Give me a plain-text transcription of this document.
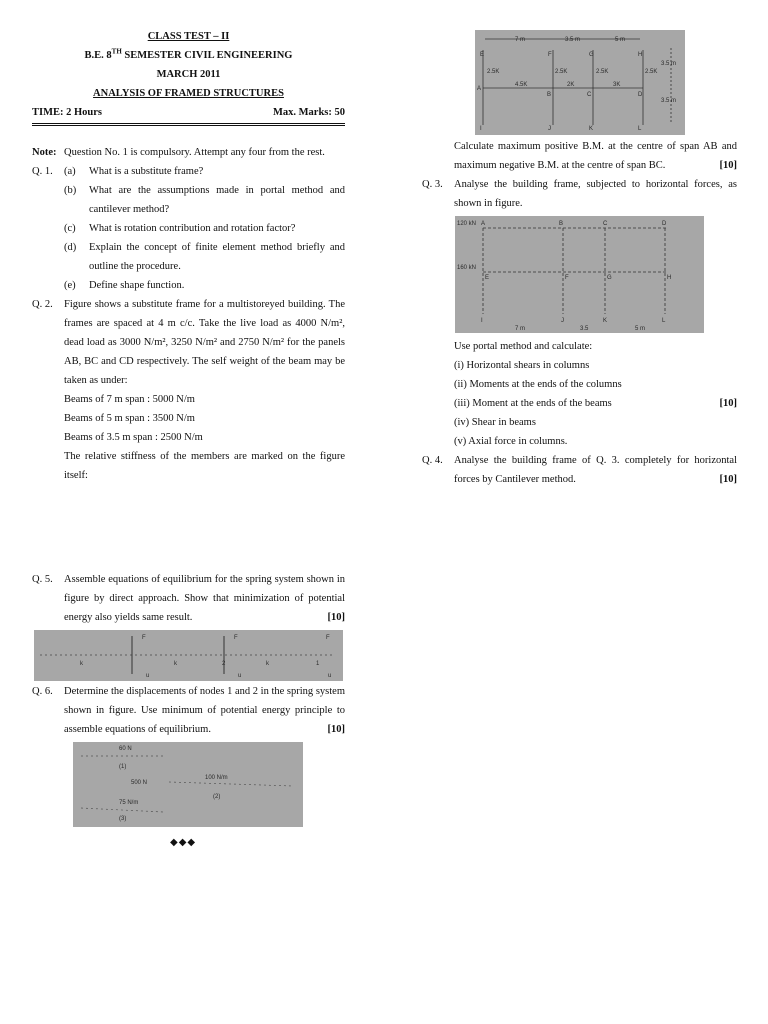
CLASS TEST – II
B.E. 8TH SEMESTER CIVIL ENGINEERING
MARCH 2011
ANALYSIS OF FRAMED STRUCTURES
TIME: 2 Hours	Max. Marks: 50
Note: Question No. 1 is compulsory. Attempt any four from the rest.
Q. 1.	(a)	What is a substitute frame?
(b)	What are the assumptions made in portal method and cantilever method?
(c)	What is rotation contribution and rotation factor?
(d)	Explain the concept of finite element method briefly and outline the procedure.
(e)	Define shape function.
Q. 2.	Figure shows a substitute frame for a multistoreyed building. The frames are spaced at 4 m c/c. Take the live load as 4000 N/m², dead load as 3000 N/m², 3250 N/m² and 2750 N/m² for the panels AB, BC and CD respectively. The self weight of the beam may be taken as under:
Beams of 7 m span : 5000 N/m
Beams of 5 m span : 3500 N/m
Beams of 3.5 m span : 2500 N/m
The relative stiffness of the members are marked on the figure itself:
Q. 5.	Assemble equations of equilibrium for the spring system shown in figure by direct approach. Show that minimization of potential energy also yields same result.	[10]
Q. 6.	Determine the displacements of nodes 1 and 2 in the spring system shown in figure. Use minimum of potential energy principle to assemble equations of equilibrium.	[10]
◆◆◆
7 m	3.5 m	5 m
E	F	G	H
A
B	C	D
I	J	K	L
2.5K	2.5K	2.5K	2.5K
4.5K	2K	3K
3.5 m
3.5 m
120 kN
160 kN
A	B	C	D
E	F	G	H
I	J	K	L
7 m	3.5	5 m
F	F	F
k	k	2	k	1
u	u	u
60 N
(1)
100 N/m
500 N
75 N/m
(3)
(2)
Calculate maximum positive B.M. at the centre of span AB and maximum negative B.M. at the centre of span BC.	[10]
Q. 3.	Analyse the building frame, subjected to horizontal forces, as shown in figure.
Use portal method and calculate:
(i) Horizontal shears in columns
(ii) Moments at the ends of the columns
(iii) Moment at the ends of the beams	[10]
(iv) Shear in beams
(v) Axial force in columns.
Q. 4.	Analyse the building frame of Q. 3. completely for horizontal forces by Cantilever method.	[10]
